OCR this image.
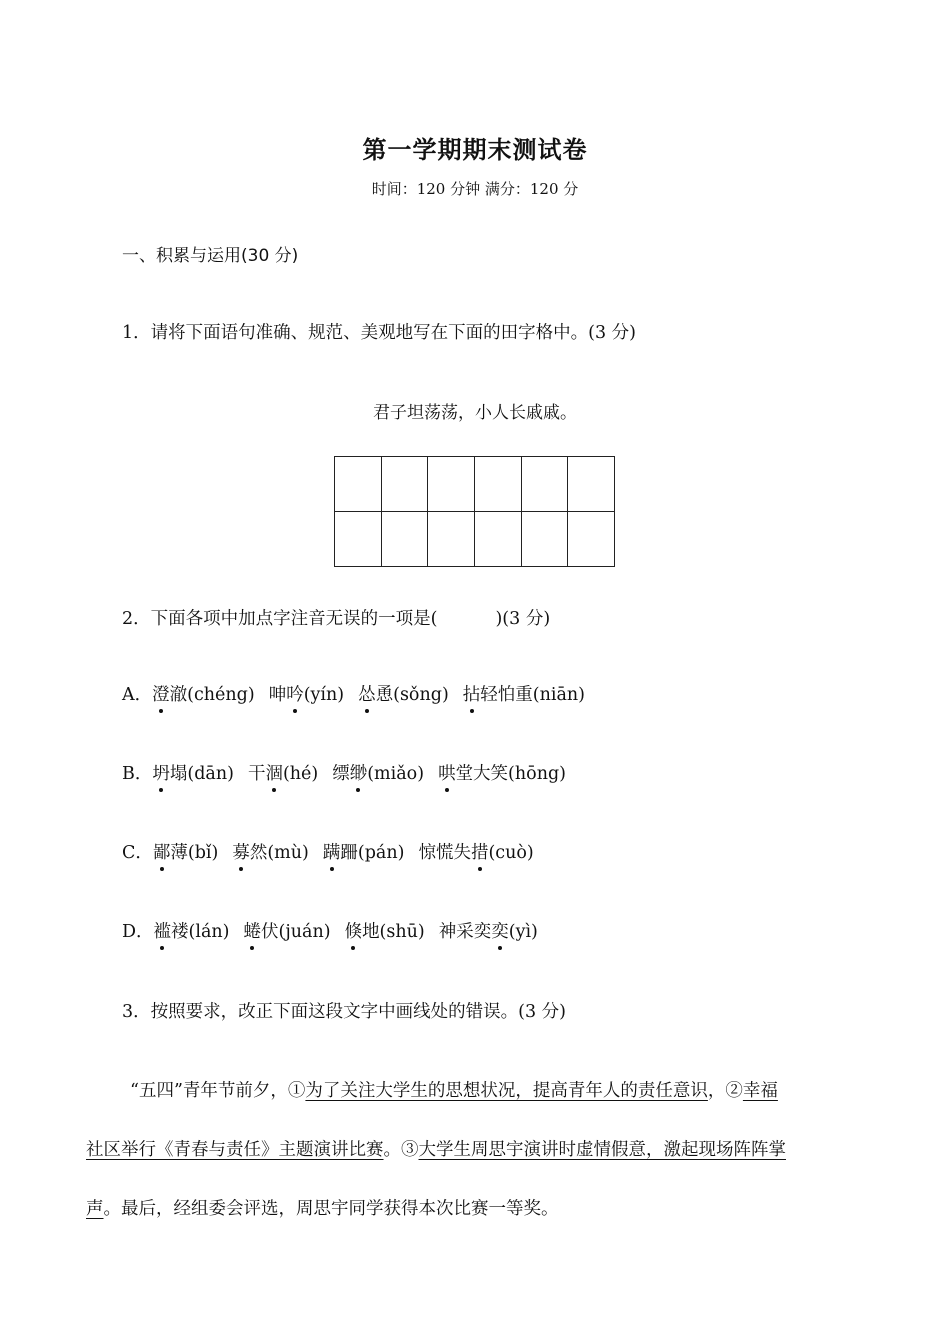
第一学期期末测试卷
时间：120 分钟 满分：120 分
一、积累与运用(30 分)
1．请将下面语句准确、规范、美观地写在下面的田字格中。(3 分)
君子坦荡荡，小人长戚戚。

2．下面各项中加点字注音无误的一项是(	)(3 分)
A．澄澈(chéng) 呻吟(yín) 怂恿(sǒng) 拈轻怕重(niān)
B．坍塌(dān) 干涸(hé) 缥缈(miǎo) 哄堂大笑(hōng)
C．鄙薄(bǐ) 募然(mù) 蹒跚(pán) 惊慌失措(cuò)
D．褴褛(lán) 蜷伏(juán) 倏地(shū) 神采奕奕(yì)
3．按照要求，改正下面这段文字中画线处的错误。(3 分)
“五四”青年节前夕，①为了关注大学生的思想状况，提高青年人的责任意识，②幸福
社区举行《青春与责任》主题演讲比赛。③大学生周思宇演讲时虚情假意，激起现场阵阵掌
声。最后，经组委会评选，周思宇同学获得本次比赛一等奖。
